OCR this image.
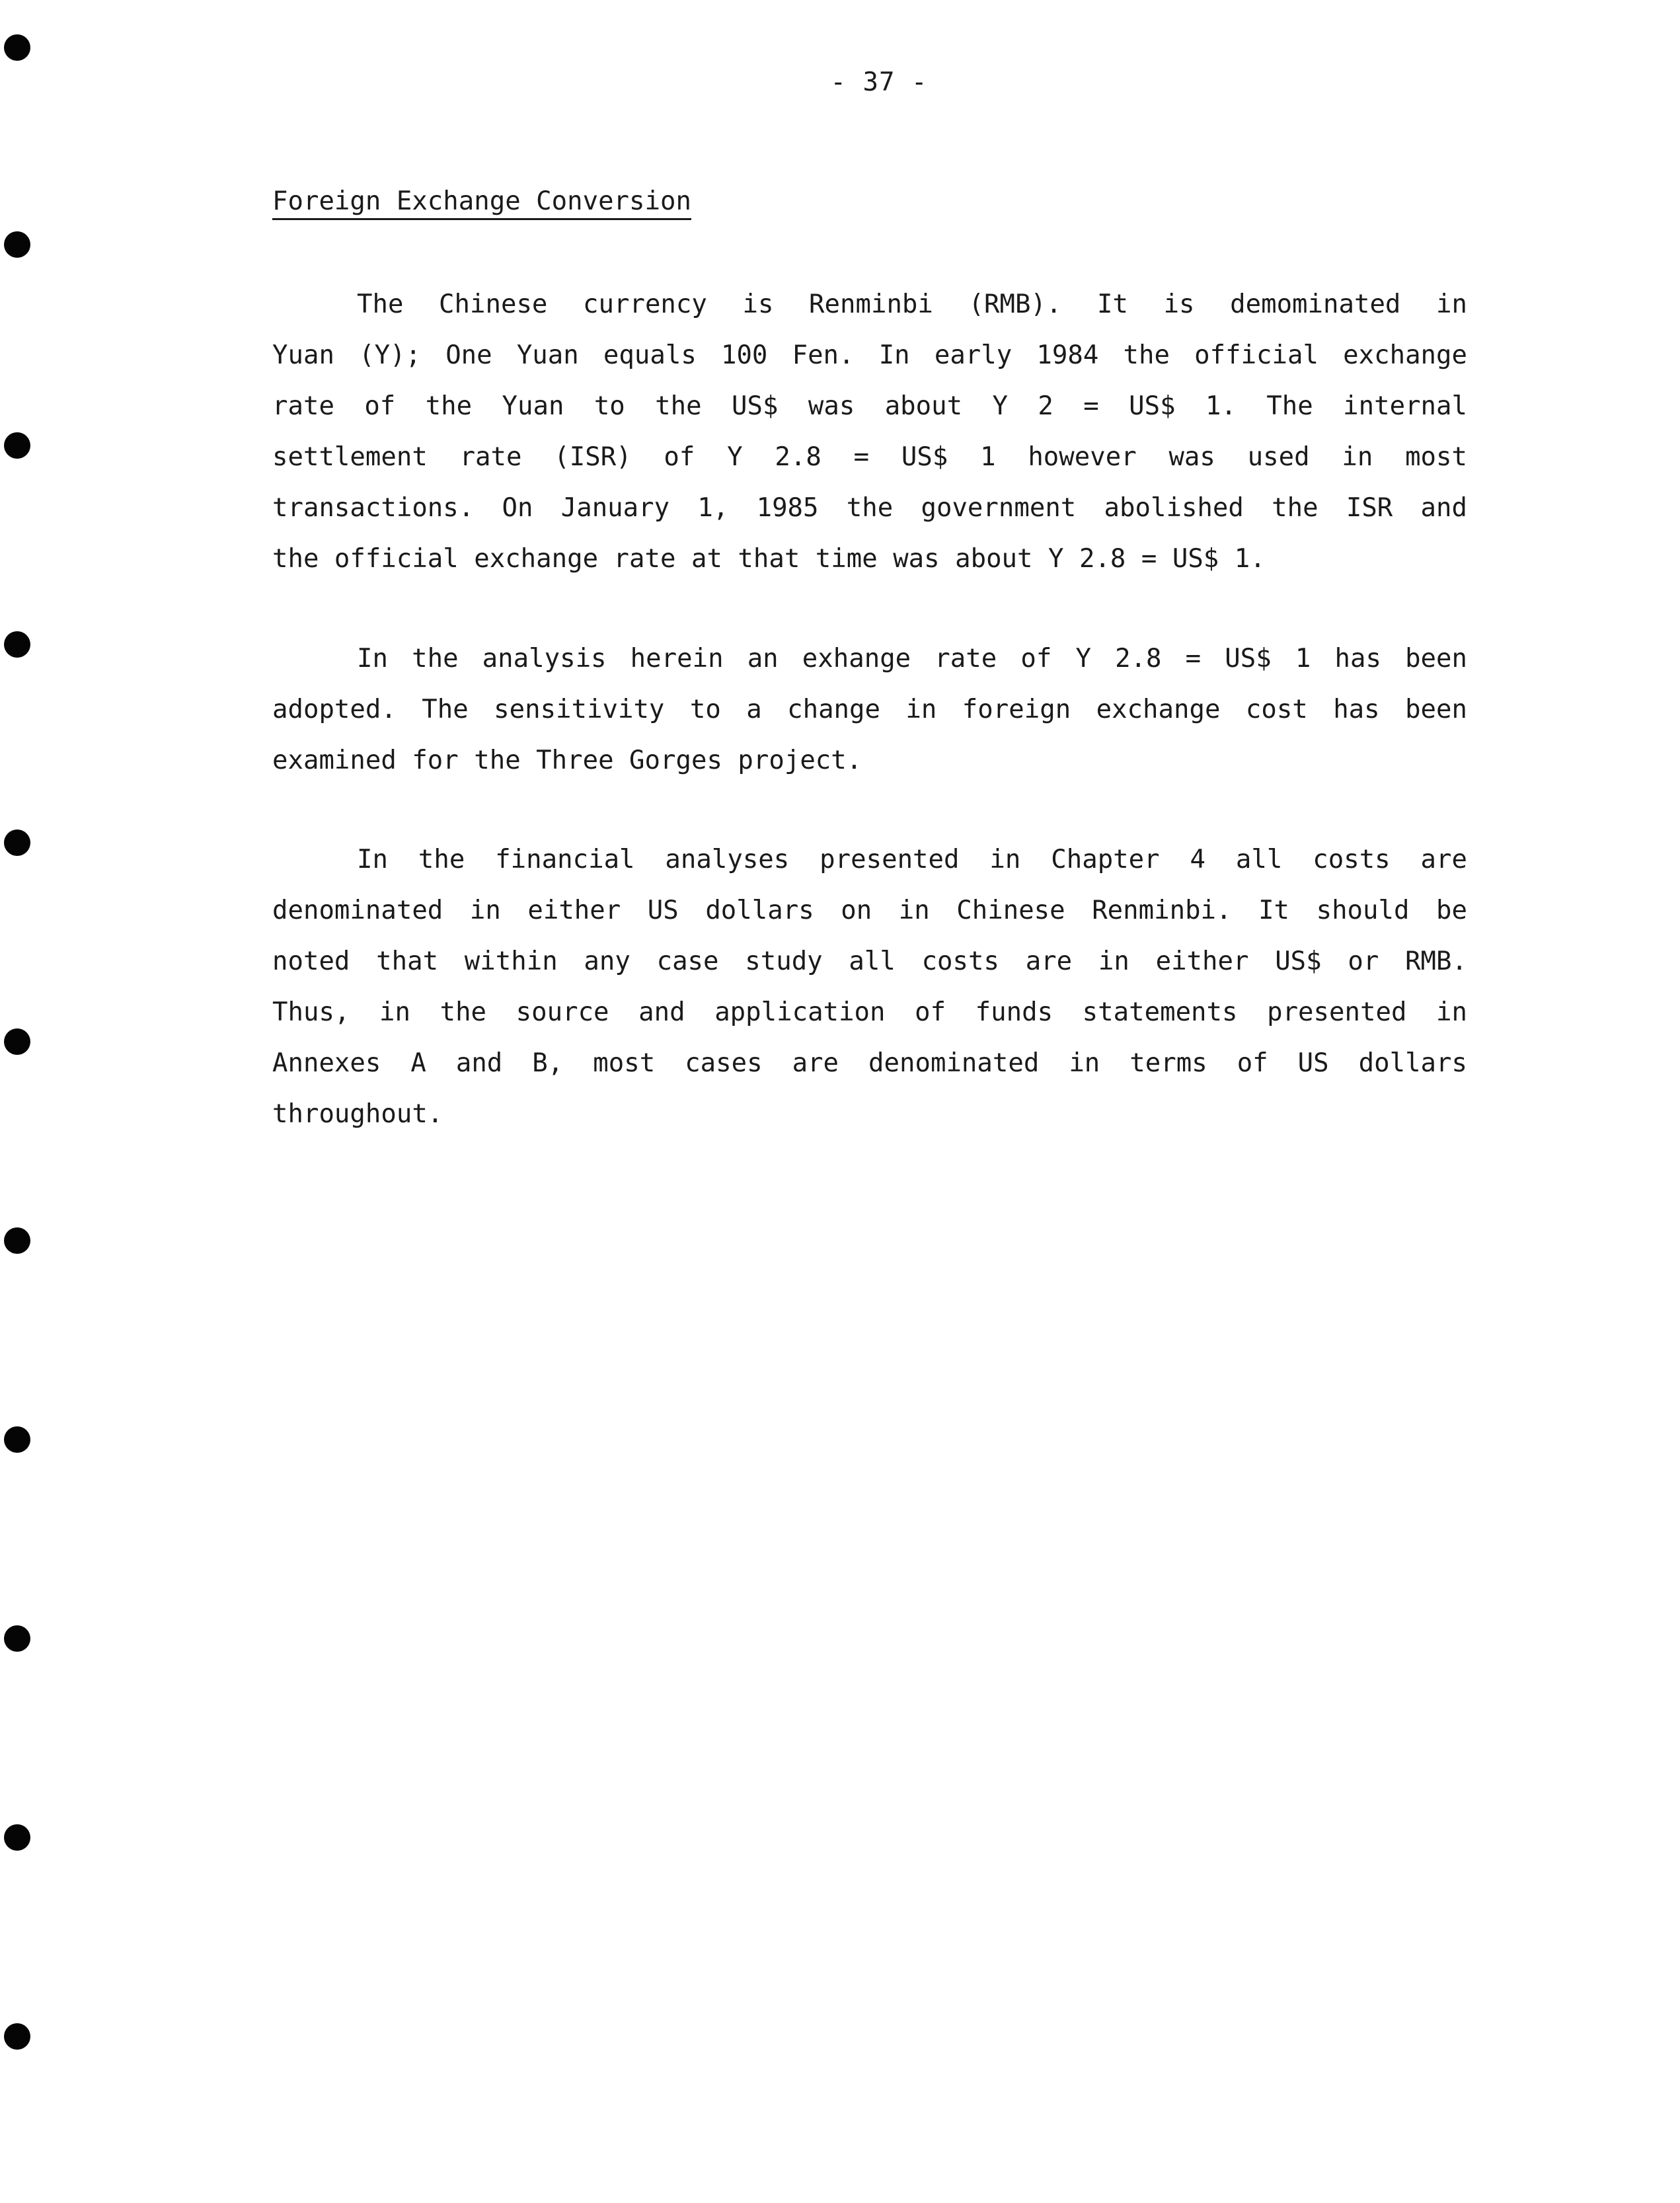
- 37 -
Foreign Exchange Conversion
The Chinese currency is Renminbi (RMB). It is demominated in
Yuan (Y); One Yuan equals 100 Fen. In early 1984 the official exchange
rate of the Yuan to the US$ was about Y 2 = US$ 1. The internal
settlement rate (ISR) of Y 2.8 = US$ 1 however was used in most
transactions. On January 1, 1985 the government abolished the ISR and
the official exchange rate at that time was about Y 2.8 = US$ 1.
In the analysis herein an exhange rate of Y 2.8 = US$ 1 has been
adopted. The sensitivity to a change in foreign exchange cost has been
examined for the Three Gorges project.
In the financial analyses presented in Chapter 4 all costs are
denominated in either US dollars on in Chinese Renminbi. It should be
noted that within any case study all costs are in either US$ or RMB.
Thus, in the source and application of funds statements presented in
Annexes A and B, most cases are denominated in terms of US dollars
throughout.
